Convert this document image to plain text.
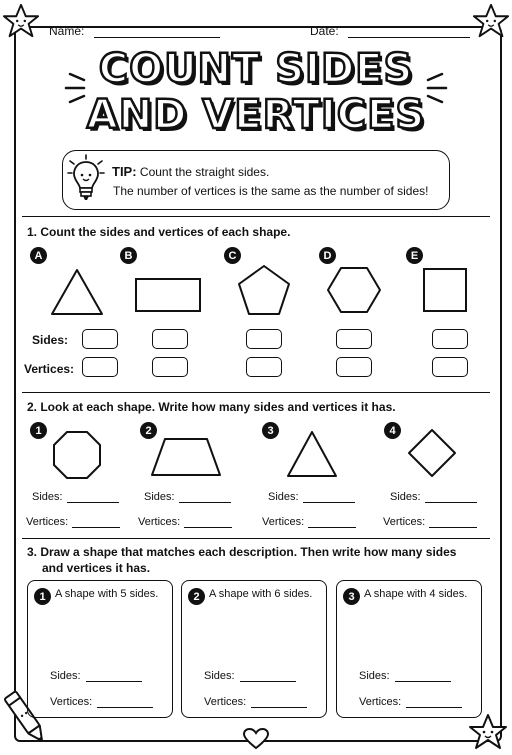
Name:	Date:
COUNT SIDES
AND VERTICES
TIP: Count the straight sides.
The number of vertices is the same as the number of sides!
1. Count the sides and vertices of each shape.
A	B	C	D	E
Sides:
Vertices:
2. Look at each shape. Write how many sides and vertices it has.
1	2	3	4
Sides:	Sides:	Sides:	Sides:
Vertices:	Vertices:	Vertices:	Vertices:
3. Draw a shape that matches each description. Then write how many sides
and vertices it has.
1 A shape with 5 sides.
Sides:
Vertices:
2 A shape with 6 sides.
Sides:
Vertices:
3 A shape with 4 sides.
Sides:
Vertices:
